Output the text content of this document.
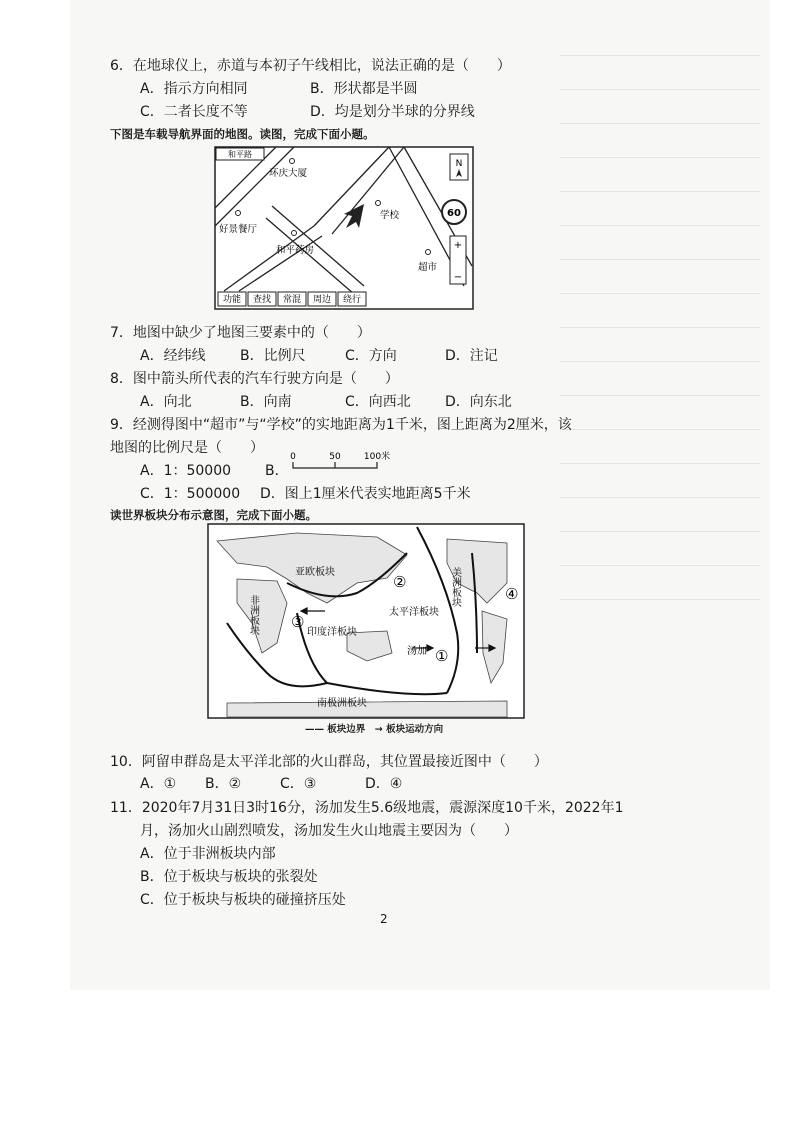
6．在地球仪上，赤道与本初子午线相比，说法正确的是（　　）
A．指示方向相同	B．形状都是半圆
C．二者长度不等	D．均是划分半球的分界线
下图是车载导航界面的地图。读图，完成下面小题。
和平路
环庆大厦
学校
好景餐厅
和平药房
超市
N
60
+
−
功能 查找 常混 周边 绕行
7．地图中缺少了地图三要素中的（　　）
A．经纬线 B．比例尺	C．方向	D．注记
8．图中箭头所代表的汽车行驶方向是（　　）
A．向北	B．向南	C．向西北 D．向东北
9．经测得图中“超市”与“学校”的实地距离为1千米，图上距离为2厘米，该
地图的比例尺是（　　）
A．1：50000 B．
0	50	100米
C．1：500000 D．图上1厘米代表实地距离5千米
读世界板块分布示意图，完成下面小题。
亚欧板块
非洲板块	印度洋板块
太平洋板块
美洲板块
南极洲板块
汤加 ①
②
③
④
—— 板块边界　→ 板块运动方向
10．阿留申群岛是太平洋北部的火山群岛，其位置最接近图中（　　）
A．① B．②	C．③	D．④
11．2020年7月31日3时16分，汤加发生5.6级地震，震源深度10千米，2022年1
月，汤加火山剧烈喷发，汤加发生火山地震主要因为（　　）
A．位于非洲板块内部
B．位于板块与板块的张裂处
C．位于板块与板块的碰撞挤压处
2
